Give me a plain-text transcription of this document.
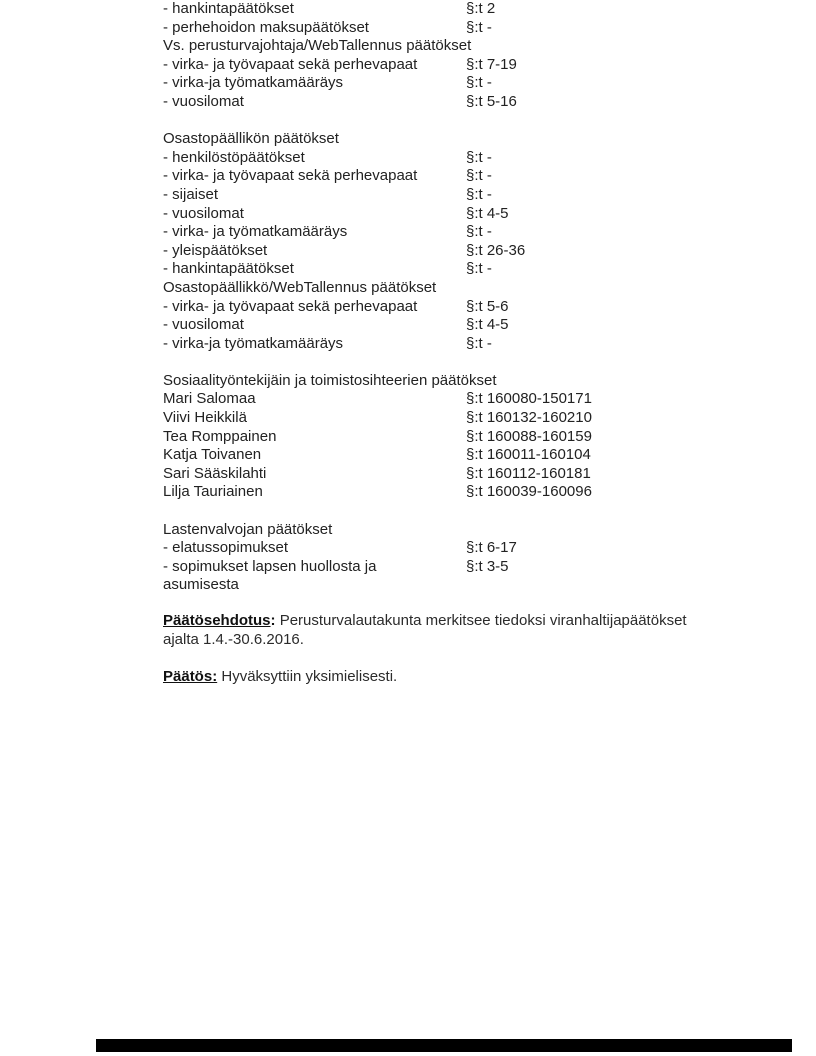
- hankintapäätökset	§:t 2
- perhehoidon maksupäätökset	§:t -
Vs. perusturvajohtaja/WebTallennus päätökset
- virka- ja työvapaat sekä perhevapaat	§:t 7-19
- virka-ja työmatkamääräys	§:t -
- vuosilomat	§:t 5-16
Osastopäällikön päätökset
- henkilöstöpäätökset	§:t -
- virka- ja työvapaat sekä perhevapaat	§:t -
- sijaiset	§:t -
- vuosilomat	§:t 4-5
- virka- ja työmatkamääräys	§:t -
- yleispäätökset	§:t 26-36
- hankintapäätökset	§:t -
Osastopäällikkö/WebTallennus päätökset
- virka- ja työvapaat sekä perhevapaat	§:t 5-6
- vuosilomat	§:t 4-5
- virka-ja työmatkamääräys	§:t -
Sosiaalityöntekijäin ja toimistosihteerien päätökset
Mari Salomaa	§:t 160080-150171
Viivi Heikkilä	§:t 160132-160210
Tea Romppainen	§:t 160088-160159
Katja Toivanen	§:t 160011-160104
Sari Sääskilahti	§:t 160112-160181
Lilja Tauriainen	§:t 160039-160096
Lastenvalvojan päätökset
- elatussopimukset	§:t 6-17
- sopimukset lapsen huollosta ja	§:t 3-5
asumisesta

Päätösehdotus: Perusturvalautakunta merkitsee tiedoksi viranhaltijapäätökset
ajalta 1.4.-30.6.2016.

Päätös: Hyväksyttiin yksimielisesti.
